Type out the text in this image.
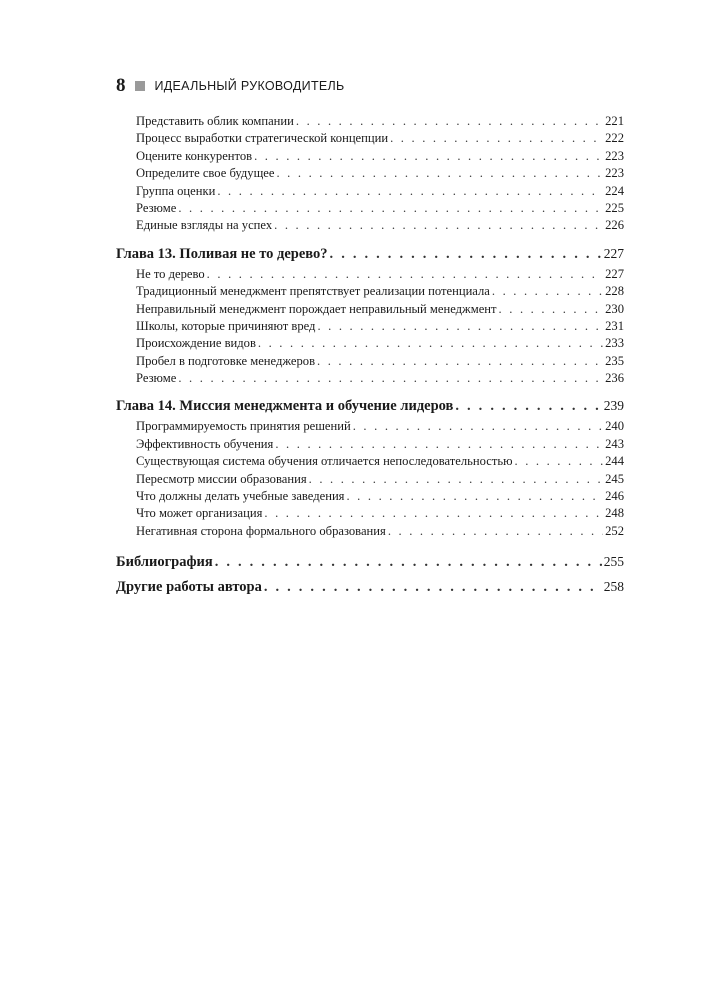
8 ИДЕАЛЬНЫЙ РУКОВОДИТЕЛЬ
Представить облик компании . . .	221
Процесс выработки стратегической концепции . . .	222
Оцените конкурентов . . .	223
Определите свое будущее . . .	223
Группа оценки . . .	224
Резюме . . .	225
Единые взгляды на успех . . .	226
Глава 13. Поливая не то дерево? . . .	227
Не то дерево . . .	227
Традиционный менеджмент препятствует реализации потенциала . . .	228
Неправильный менеджмент порождает неправильный менеджмент . . .	230
Школы, которые причиняют вред . . .	231
Происхождение видов . . .	233
Пробел в подготовке менеджеров . . .	235
Резюме . . .	236
Глава 14. Миссия менеджмента и обучение лидеров . . .	239
Программируемость принятия решений . . .	240
Эффективность обучения . . .	243
Существующая система обучения отличается непоследовательностью . . .	244
Пересмотр миссии образования . . .	245
Что должны делать учебные заведения . . .	246
Что может организация . . .	248
Негативная сторона формального образования . . .	252
Библиография . . .	255
Другие работы автора . . .	258
